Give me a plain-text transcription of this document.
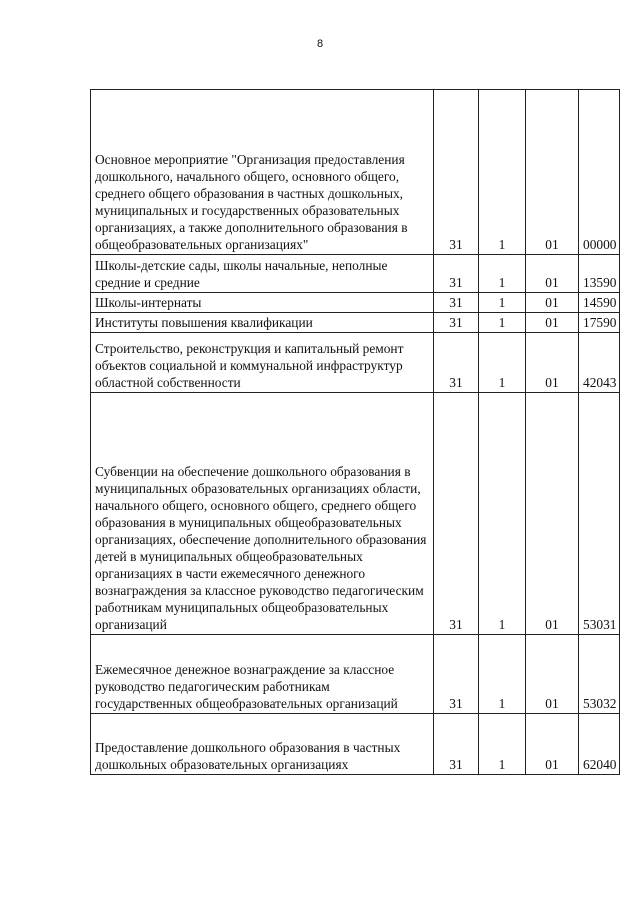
8
Основное мероприятие "Организация предоставления дошкольного, начального общего, основного общего, среднего общего образования в частных дошкольных, муниципальных и государственных образовательных организациях, а также дополнительного образования в общеобразовательных организациях"	31	1	01	00000
Школы-детские сады, школы начальные, неполные средние и средние	31	1	01	13590
Школы-интернаты	31	1	01	14590
Институты повышения квалификации	31	1	01	17590
Строительство, реконструкция и капитальный ремонт объектов социальной и коммунальной инфраструктур областной собственности	31	1	01	42043
Субвенции на обеспечение дошкольного образования в муниципальных образовательных организациях области, начального общего, основного общего, среднего общего образования в муниципальных общеобразовательных организациях, обеспечение дополнительного образования детей в муниципальных общеобразовательных организациях в части ежемесячного денежного вознаграждения за классное руководство педагогическим работникам муниципальных общеобразовательных организаций	31	1	01	53031
Ежемесячное денежное вознаграждение за классное руководство педагогическим работникам государственных общеобразовательных организаций	31	1	01	53032
Предоставление дошкольного образования в частных дошкольных образовательных организациях	31	1	01	62040
